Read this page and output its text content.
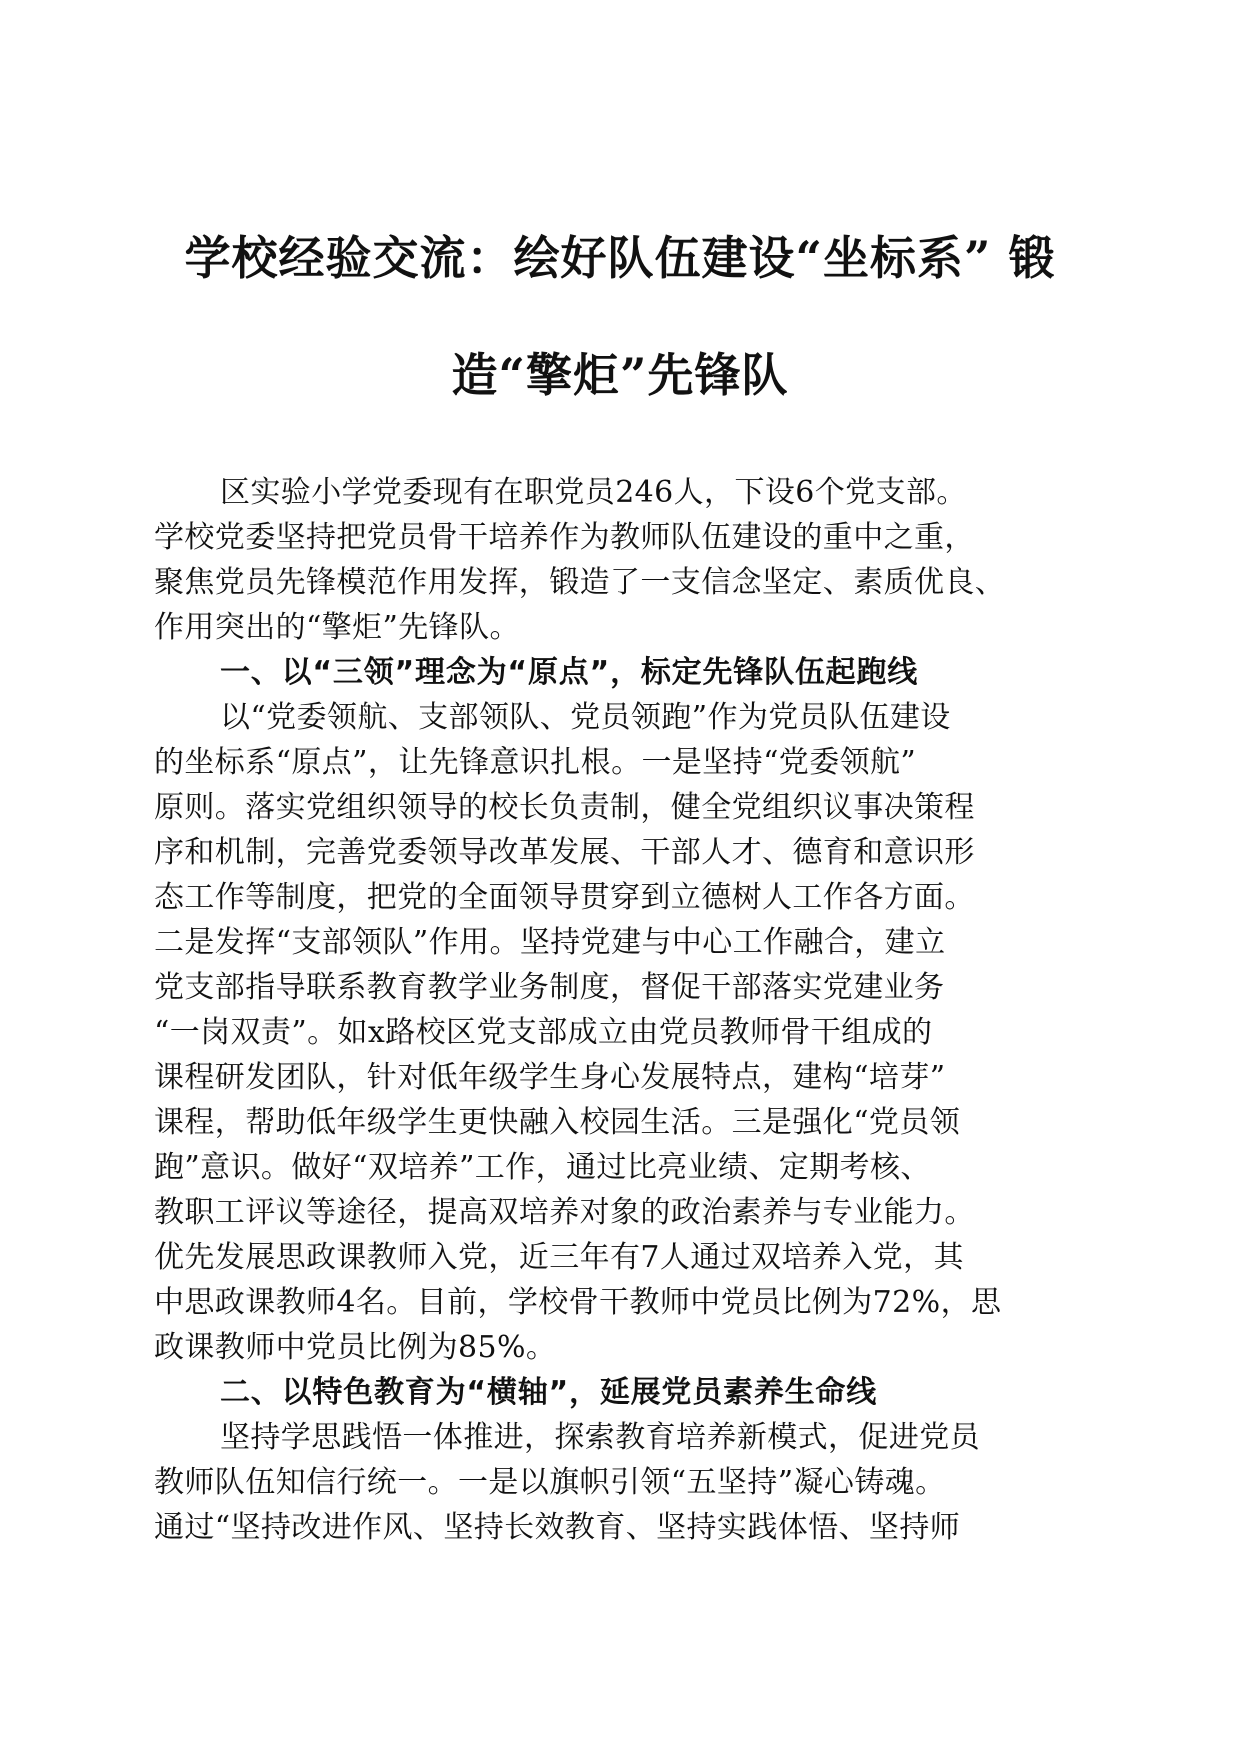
学校经验交流：绘好队伍建设“坐标系” 锻
造“擎炬”先锋队
区实验小学党委现有在职党员246人，下设6个党支部。
学校党委坚持把党员骨干培养作为教师队伍建设的重中之重，
聚焦党员先锋模范作用发挥，锻造了一支信念坚定、素质优良、
作用突出的“擎炬”先锋队。
一、以“三领”理念为“原点”，标定先锋队伍起跑线
以“党委领航、支部领队、党员领跑”作为党员队伍建设
的坐标系“原点”，让先锋意识扎根。一是坚持“党委领航”
原则。落实党组织领导的校长负责制，健全党组织议事决策程
序和机制，完善党委领导改革发展、干部人才、德育和意识形
态工作等制度，把党的全面领导贯穿到立德树人工作各方面。
二是发挥“支部领队”作用。坚持党建与中心工作融合，建立
党支部指导联系教育教学业务制度，督促干部落实党建业务
“一岗双责”。如x路校区党支部成立由党员教师骨干组成的
课程研发团队，针对低年级学生身心发展特点，建构“培芽”
课程，帮助低年级学生更快融入校园生活。三是强化“党员领
跑”意识。做好“双培养”工作，通过比亮业绩、定期考核、
教职工评议等途径，提高双培养对象的政治素养与专业能力。
优先发展思政课教师入党，近三年有7人通过双培养入党，其
中思政课教师4名。目前，学校骨干教师中党员比例为72%，思
政课教师中党员比例为85%。
二、以特色教育为“横轴”，延展党员素养生命线
坚持学思践悟一体推进，探索教育培养新模式，促进党员
教师队伍知信行统一。一是以旗帜引领“五坚持”凝心铸魂。
通过“坚持改进作风、坚持长效教育、坚持实践体悟、坚持师
